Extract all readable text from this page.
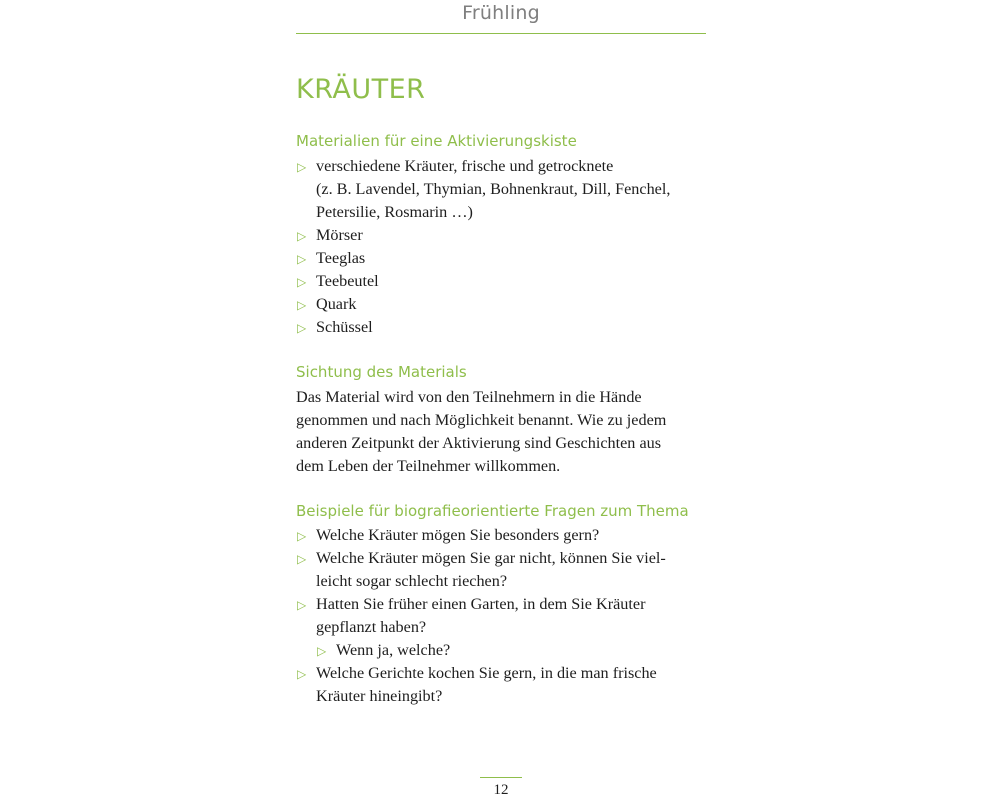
Frühling
KRÄUTER
Materialien für eine Aktivierungskiste
▷ verschiedene Kräuter, frische und getrocknete
(z. B. Lavendel, Thymian, Bohnenkraut, Dill, Fenchel,
Petersilie, Rosmarin …)
▷ Mörser
▷ Teeglas
▷ Teebeutel
▷ Quark
▷ Schüssel
Sichtung des Materials
Das Material wird von den Teilnehmern in die Hände
genommen und nach Möglichkeit benannt. Wie zu jedem
anderen Zeitpunkt der Aktivierung sind Geschichten aus
dem Leben der Teilnehmer willkommen.
Beispiele für biografieorientierte Fragen zum Thema
▷ Welche Kräuter mögen Sie besonders gern?
▷ Welche Kräuter mögen Sie gar nicht, können Sie viel-
leicht sogar schlecht riechen?
▷ Hatten Sie früher einen Garten, in dem Sie Kräuter
gepflanzt haben?
▷ Wenn ja, welche?
▷ Welche Gerichte kochen Sie gern, in die man frische
Kräuter hineingibt?
12
